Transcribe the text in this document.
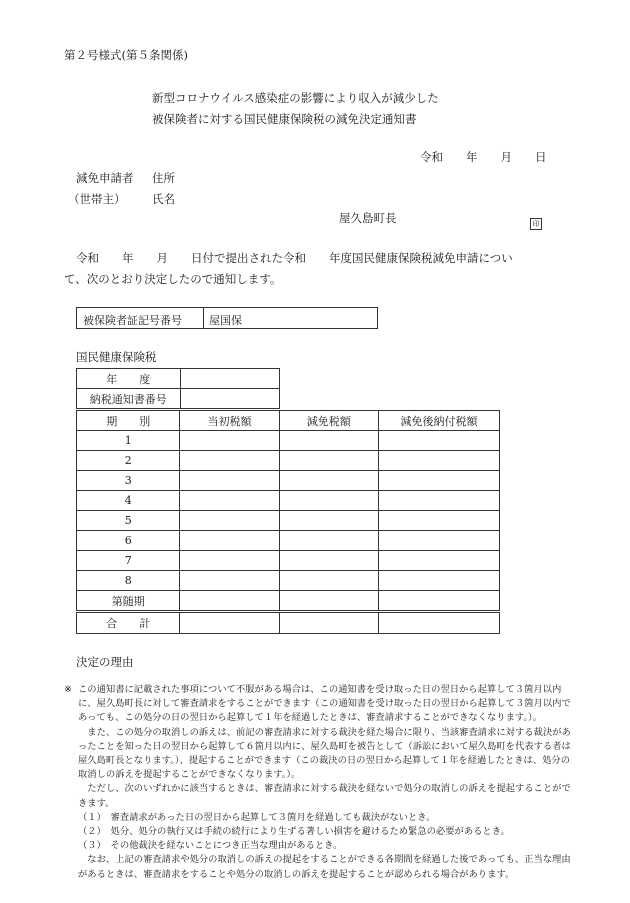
第２号様式(第５条関係)
新型コロナウイルス感染症の影響により収入が減少した
被保険者に対する国民健康保険税の減免決定通知書
令和　　年　　月　　日
減免申請者 住所
（世帯主） 氏名
屋久島町長	印
令和　　年　　月　　日付で提出された令和　　年度国民健康保険税減免申請につい
て、次のとおり決定したので通知します。
被保険者証記号番号 屋国保
国民健康保険税
年　　度	
納税通知書番号	
期　　別	当初税額	減免税額	減免後納付税額
1			
2			
3			
4			
5			
6			
7			
8			
第随期			
合　　計			
決定の理由
※ この通知書に記載された事項について不服がある場合は、この通知書を受け取った日の翌日から起算して３箇月以内に、屋久島町長に対して審査請求をすることができます（この通知書を受け取った日の翌日から起算して３箇月以内であっても、この処分の日の翌日から起算して１年を経過したときは、審査請求することができなくなります。）。

また、この処分の取消しの訴えは、前記の審査請求に対する裁決を経た場合に限り、当該審査請求に対する裁決があったことを知った日の翌日から起算して６箇月以内に、屋久島町を被告として（訴訟において屋久島町を代表する者は屋久島町長となります。）、提起することができます（この裁決の日の翌日から起算して１年を経過したときは、処分の取消しの訴えを提起することができなくなります。）。

ただし、次のいずれかに該当するときは、審査請求に対する裁決を経ないで処分の取消しの訴えを提起することができます。

（１）　審査請求があった日の翌日から起算して３箇月を経過しても裁決がないとき。

（２）　処分、処分の執行又は手続の続行により生ずる著しい損害を避けるため緊急の必要があるとき。

（３）　その他裁決を経ないことにつき正当な理由があるとき。

なお、上記の審査請求や処分の取消しの訴えの提起をすることができる各期間を経過した後であっても、正当な理由があるときは、審査請求をすることや処分の取消しの訴えを提起することが認められる場合があります。
